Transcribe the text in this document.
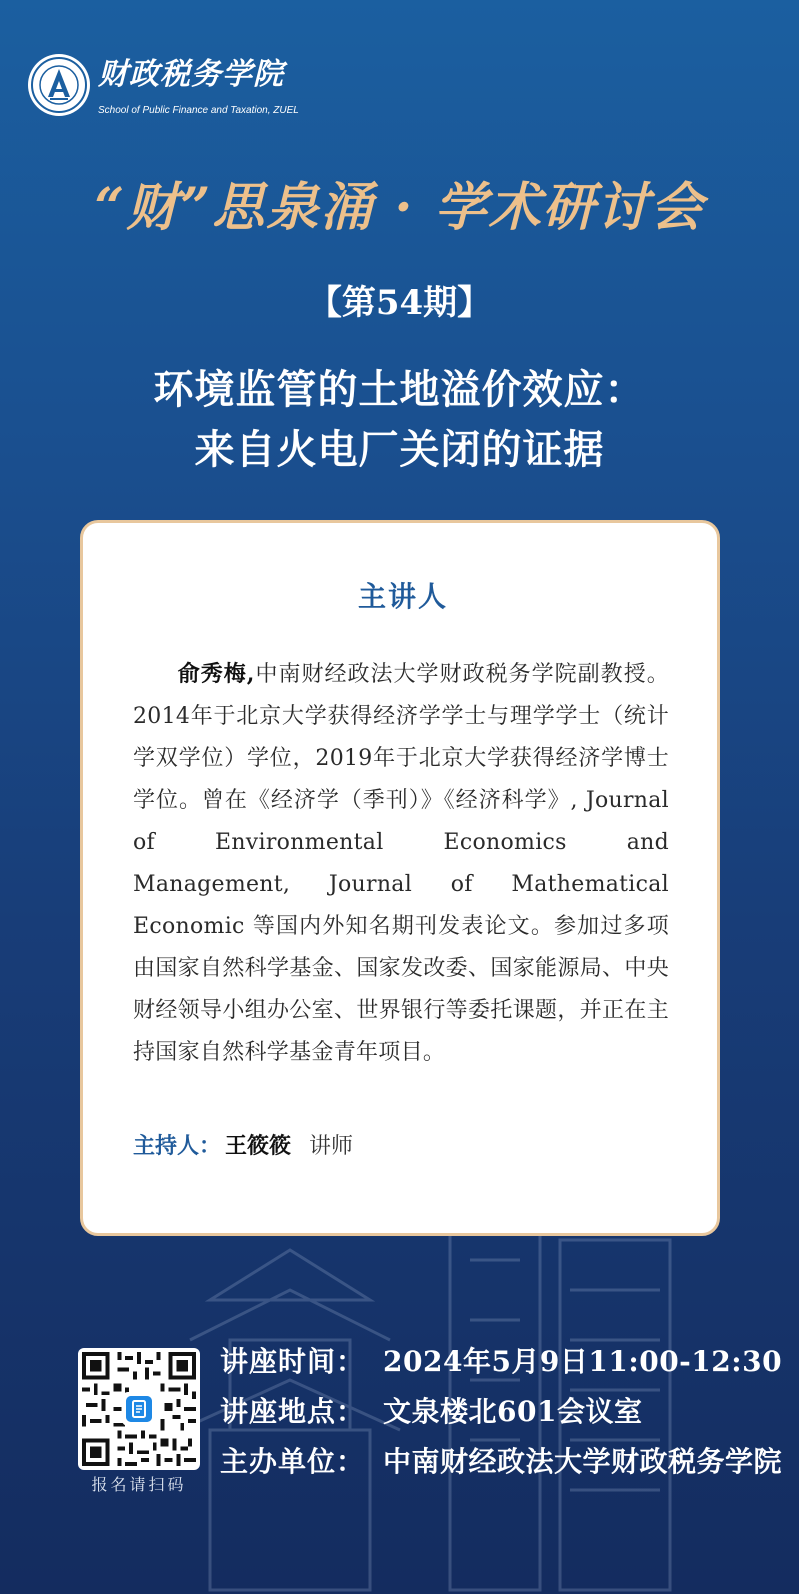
财政税务学院
School of Public Finance and Taxation, ZUEL
“财”思泉涌 · 学术研讨会
【第54期】
环境监管的土地溢价效应：
来自火电厂关闭的证据
主讲人
俞秀梅,中南财经政法大学财政税务学院副教授。2014年于北京大学获得经济学学士与理学学士（统计学双学位）学位，2019年于北京大学获得经济学博士学位。曾在《经济学（季刊）》《经济科学》, Journal of Environmental Economics and Management, Journal of Mathematical Economic 等国内外知名期刊发表论文。参加过多项由国家自然科学基金、国家发改委、国家能源局、中央财经领导小组办公室、世界银行等委托课题，并正在主持国家自然科学基金青年项目。
主持人： 王筱筱 讲师
报名请扫码
讲座时间： 2024年5月9日11:00-12:30
讲座地点： 文泉楼北601会议室
主办单位： 中南财经政法大学财政税务学院
